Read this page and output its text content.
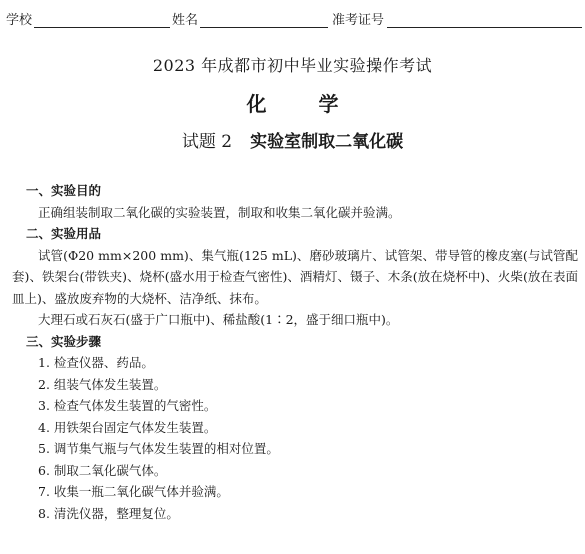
学校	姓名	准考证号
2023 年成都市初中毕业实验操作考试
化	学
试题 2 实验室制取二氧化碳

一、实验目的

正确组装制取二氧化碳的实验装置，制取和收集二氧化碳并验满。

二、实验用品

试管(Φ20 mm×200 mm)、集气瓶(125 mL)、磨砂玻璃片、试管架、带导管的橡皮塞(与试管配套)、铁架台(带铁夹)、烧杯(盛水用于检查气密性)、酒精灯、镊子、木条(放在烧杯中)、火柴(放在表面皿上)、盛放废弃物的大烧杯、洁净纸、抹布。

大理石或石灰石(盛于广口瓶中)、稀盐酸(1∶2，盛于细口瓶中)。

三、实验步骤

1. 检查仪器、药品。

2. 组装气体发生装置。

3. 检查气体发生装置的气密性。

4. 用铁架台固定气体发生装置。

5. 调节集气瓶与气体发生装置的相对位置。

6. 制取二氧化碳气体。

7. 收集一瓶二氧化碳气体并验满。

8. 清洗仪器，整理复位。
